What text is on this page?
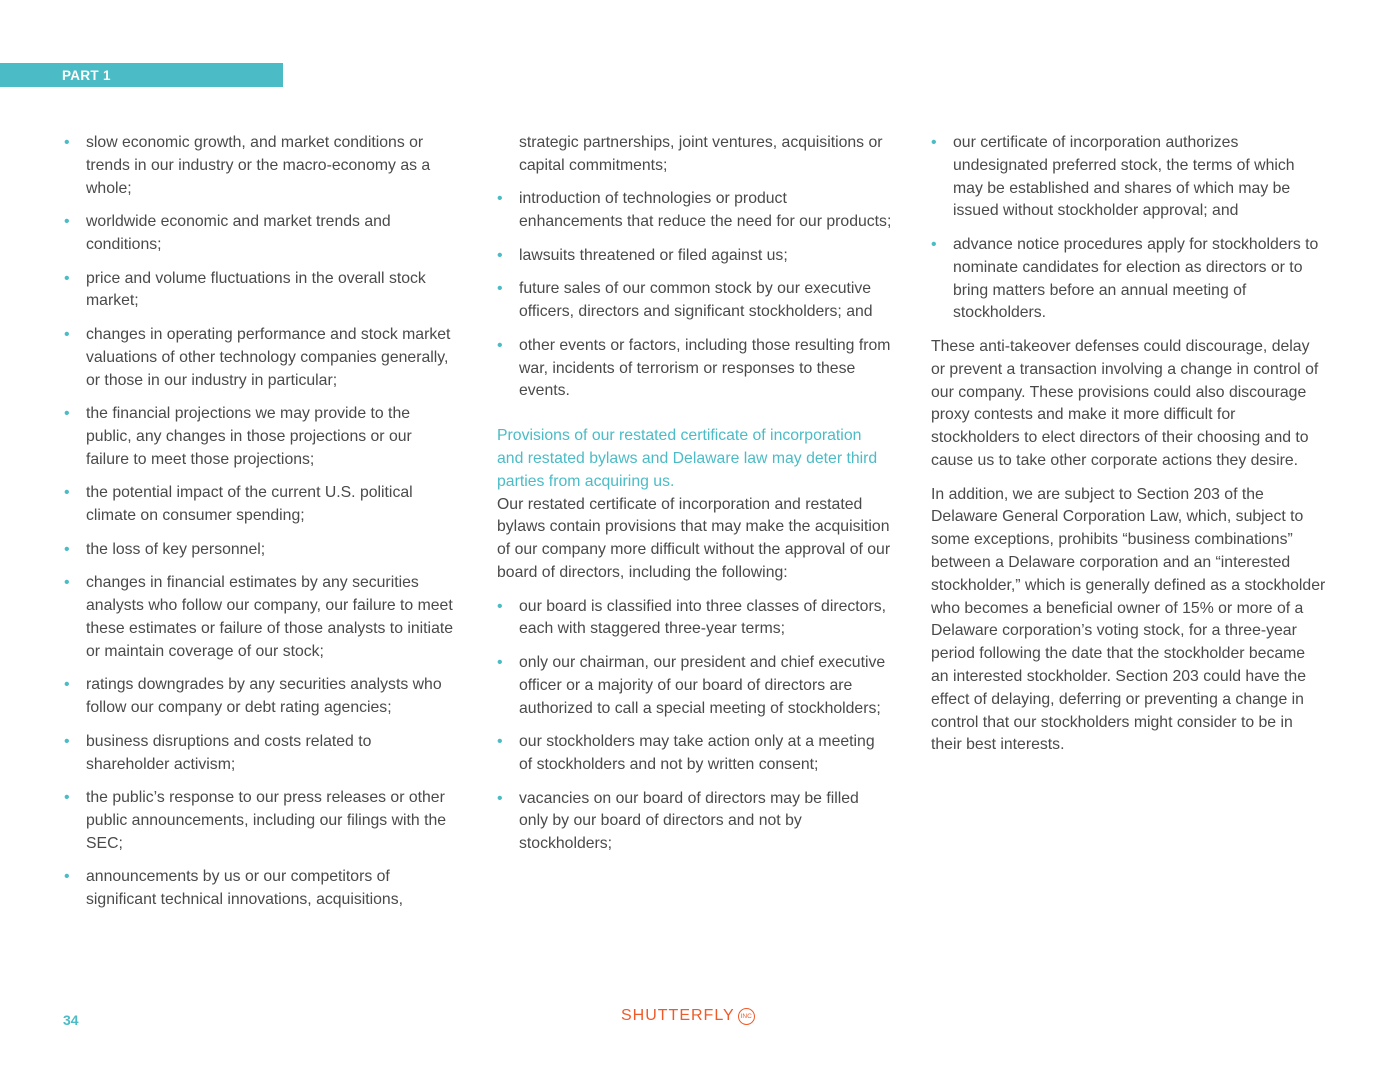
PART 1
• slow economic growth, and market conditions or trends in our industry or the macro-economy as a whole;
• worldwide economic and market trends and conditions;
• price and volume fluctuations in the overall stock market;
• changes in operating performance and stock market valuations of other technology companies generally, or those in our industry in particular;
• the financial projections we may provide to the public, any changes in those projections or our failure to meet those projections;
• the potential impact of the current U.S. political climate on consumer spending;
• the loss of key personnel;
• changes in financial estimates by any securities analysts who follow our company, our failure to meet these estimates or failure of those analysts to initiate or maintain coverage of our stock;
• ratings downgrades by any securities analysts who follow our company or debt rating agencies;
• business disruptions and costs related to shareholder activism;
• the public’s response to our press releases or other public announcements, including our filings with the SEC;
• announcements by us or our competitors of significant technical innovations, acquisitions,

strategic partnerships, joint ventures, acquisitions or capital commitments;

• introduction of technologies or product enhancements that reduce the need for our products;
• lawsuits threatened or filed against us;
• future sales of our common stock by our executive officers, directors and significant stockholders; and
• other events or factors, including those resulting from war, incidents of terrorism or responses to these events.
Provisions of our restated certificate of incorporation and restated bylaws and Delaware law may deter third parties from acquiring us.

Our restated certificate of incorporation and restated bylaws contain provisions that may make the acquisition of our company more difficult without the approval of our board of directors, including the following:

• our board is classified into three classes of directors, each with staggered three-year terms;
• only our chairman, our president and chief executive officer or a majority of our board of directors are authorized to call a special meeting of stockholders;
• our stockholders may take action only at a meeting of stockholders and not by written consent;
• vacancies on our board of directors may be filled only by our board of directors and not by stockholders;
• our certificate of incorporation authorizes undesignated preferred stock, the terms of which may be established and shares of which may be issued without stockholder approval; and
• advance notice procedures apply for stockholders to nominate candidates for election as directors or to bring matters before an annual meeting of stockholders.

These anti-takeover defenses could discourage, delay or prevent a transaction involving a change in control of our company. These provisions could also discourage proxy contests and make it more difficult for stockholders to elect directors of their choosing and to cause us to take other corporate actions they desire.

In addition, we are subject to Section 203 of the Delaware General Corporation Law, which, subject to some exceptions, prohibits “business combinations” between a Delaware corporation and an “interested stockholder,” which is generally defined as a stockholder who becomes a beneficial owner of 15% or more of a Delaware corporation’s voting stock, for a three-year period following the date that the stockholder became an interested stockholder. Section 203 could have the effect of delaying, deferring or preventing a change in control that our stockholders might consider to be in their best interests.

34	SHUTTERFLY INC
